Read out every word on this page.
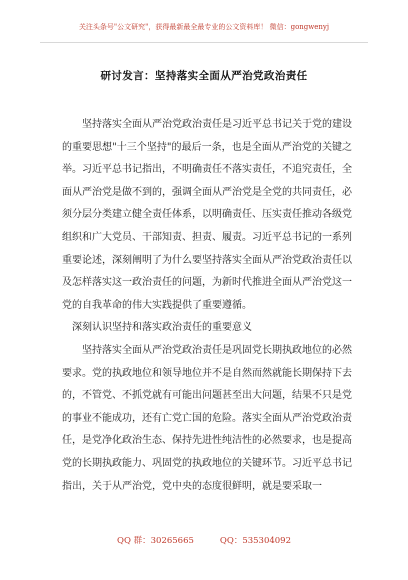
关注头条号"公文研究"，获得最新最全最专业的公文资料库！ 微信：gongwenyj
研讨发言：坚持落实全面从严治党政治责任

坚持落实全面从严治党政治责任是习近平总书记关于党的建设的重要思想"十三个坚持"的最后一条，也是全面从严治党的关键之举。习近平总书记指出，不明确责任不落实责任，不追究责任，全面从严治党是做不到的，强调全面从严治党是全党的共同责任，必须分层分类建立健全责任体系，以明确责任、压实责任推动各级党组织和广大党员、干部知责、担责、履责。习近平总书记的一系列重要论述，深刻阐明了为什么要坚持落实全面从严治党政治责任以及怎样落实这一政治责任的问题，为新时代推进全面从严治党这一党的自我革命的伟大实践提供了重要遵循。

深刻认识坚持和落实政治责任的重要意义

坚持落实全面从严治党政治责任是巩固党长期执政地位的必然要求。党的执政地位和领导地位并不是自然而然就能长期保持下去的，不管党、不抓党就有可能出问题甚至出大问题，结果不只是党的事业不能成功，还有亡党亡国的危险。落实全面从严治党政治责任，是党净化政治生态、保持先进性纯洁性的必然要求，也是提高党的长期执政能力、巩固党的执政地位的关键环节。习近平总书记指出，关于从严治党，党中央的态度很鲜明，就是要采取一

QQ 群：30265665	QQ：535304092
